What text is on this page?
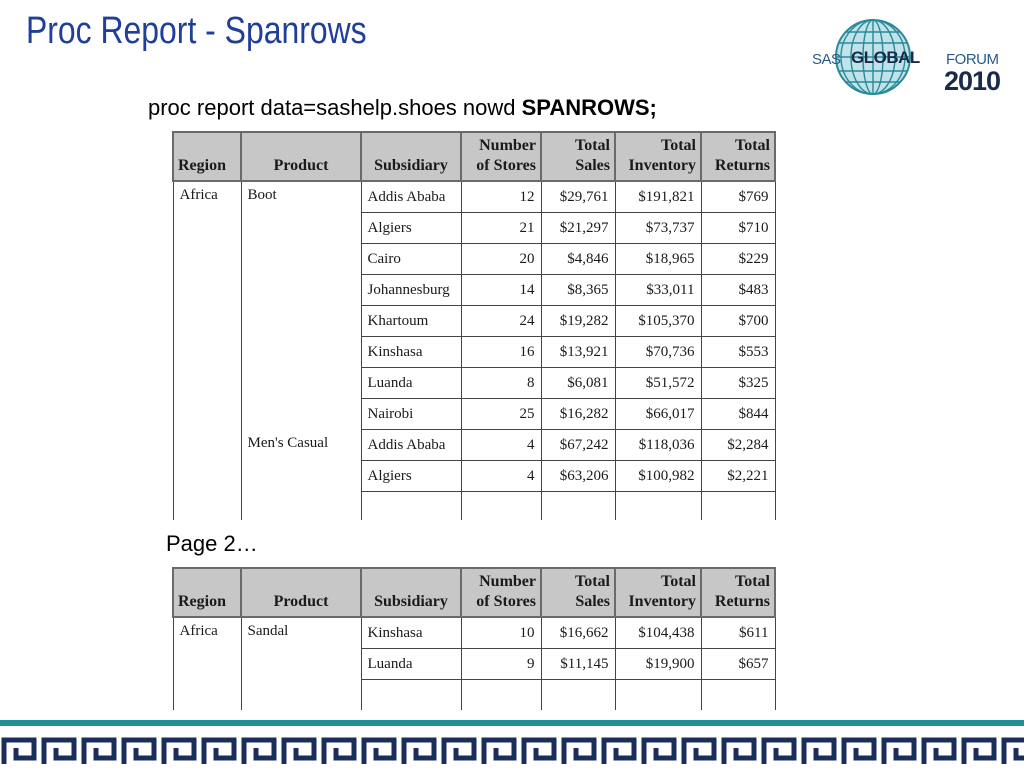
Proc Report - Spanrows
SAS GLOBAL FORUM
2010
proc report data=sashelp.shoes nowd SPANROWS;
Region	Product	Subsidiary	Number of Stores	Total Sales	Total Inventory	Total Returns
Africa	Boot	Addis Ababa	12	$29,761	$191,821	$769
		Algiers	21	$21,297	$73,737	$710
		Cairo	20	$4,846	$18,965	$229
		Johannesburg	14	$8,365	$33,011	$483
		Khartoum	24	$19,282	$105,370	$700
		Kinshasa	16	$13,921	$70,736	$553
		Luanda	8	$6,081	$51,572	$325
		Nairobi	25	$16,282	$66,017	$844
	Men's Casual	Addis Ababa	4	$67,242	$118,036	$2,284
		Algiers	4	$63,206	$100,982	$2,221

Page 2…
Region	Product	Subsidiary	Number of Stores	Total Sales	Total Inventory	Total Returns
Africa	Sandal	Kinshasa	10	$16,662	$104,438	$611
		Luanda	9	$11,145	$19,900	$657
